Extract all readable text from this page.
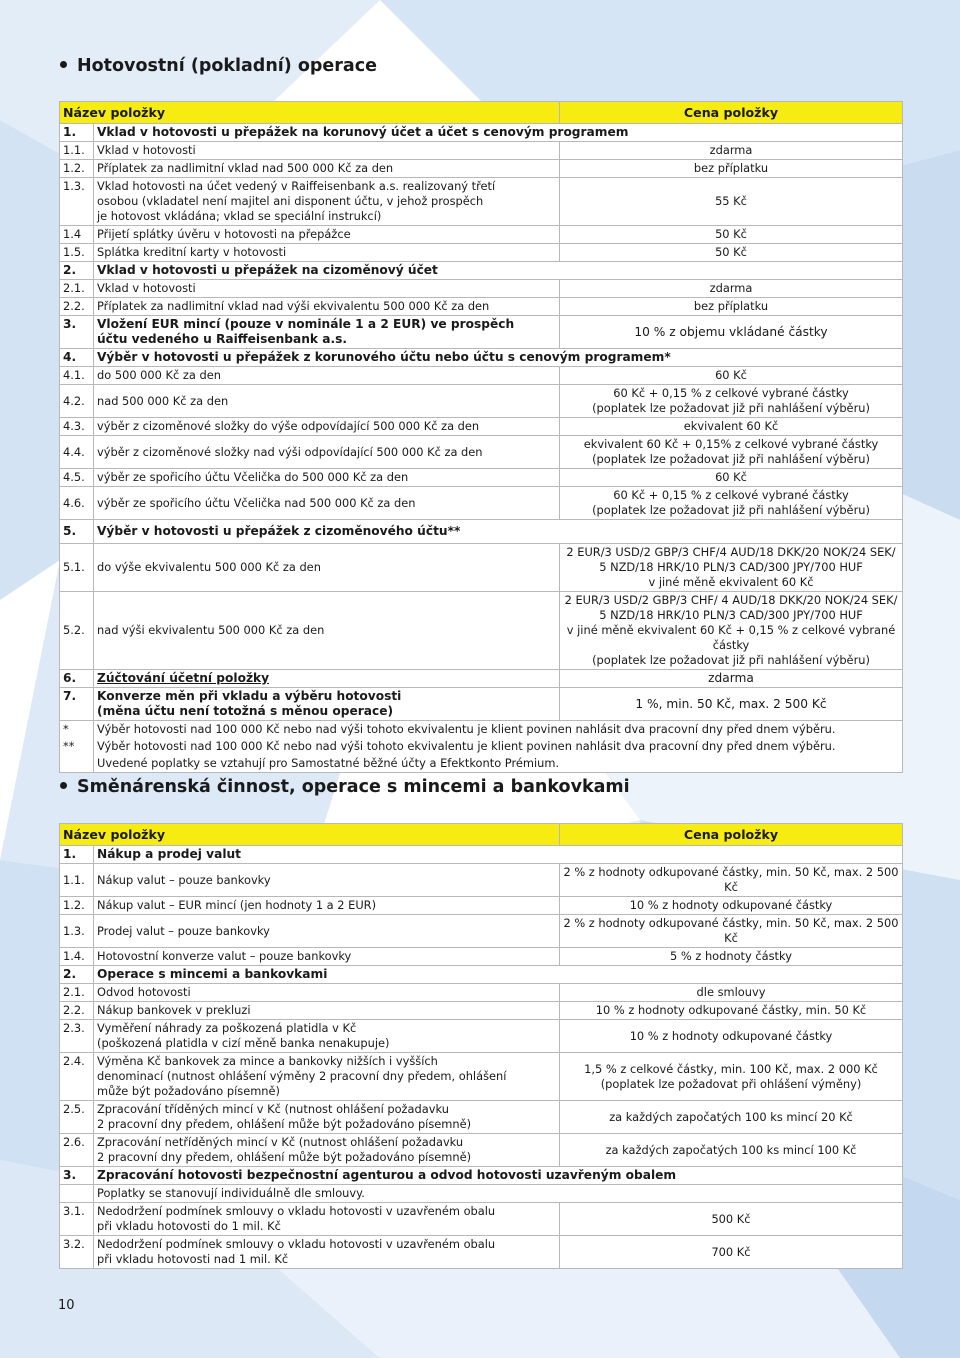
Hotovostní (pokladní) operace
Název položky		Cena položky
1.	Vklad v hotovosti u přepážek na korunový účet a účet s cenovým programem	
1.1.	Vklad v hotovosti	zdarma
1.2.	Příplatek za nadlimitní vklad nad 500 000 Kč za den	bez příplatku
1.3.	Vklad hotovosti na účet vedený v Raiffeisenbank a.s. realizovaný třetí
osobou (vkladatel není majitel ani disponent účtu, v jehož prospěch
je hotovost vkládána; vklad se speciální instrukcí)	55 Kč
1.4	Přijetí splátky úvěru v hotovosti na přepážce	50 Kč
1.5.	Splátka kreditní karty v hotovosti	50 Kč
2.	Vklad v hotovosti u přepážek na cizoměnový účet	
2.1.	Vklad v hotovosti	zdarma
2.2.	Příplatek za nadlimitní vklad nad výši ekvivalentu 500 000 Kč za den	bez příplatku
3.	Vložení EUR mincí (pouze v nominále 1 a 2 EUR) ve prospěch
účtu vedeného u Raiffeisenbank a.s.	10 % z objemu vkládané částky
4.	Výběr v hotovosti u přepážek z korunového účtu nebo účtu s cenovým programem*	
4.1.	do 500 000 Kč za den	60 Kč
4.2.	nad 500 000 Kč za den	60 Kč + 0,15 % z celkové vybrané částky
(poplatek lze požadovat již při nahlášení výběru)

4.3.	výběr z cizoměnové složky do výše odpovídající 500 000 Kč za den	ekvivalent 60 Kč
4.4.	výběr z cizoměnové složky nad výši odpovídající 500 000 Kč za den	ekvivalent 60 Kč + 0,15% z celkové vybrané částky
(poplatek lze požadovat již při nahlášení výběru)

4.5.	výběr ze spořicího účtu Včelička do 500 000 Kč za den	60 Kč
4.6.	výběr ze spořicího účtu Včelička nad 500 000 Kč za den	60 Kč + 0,15 % z celkové vybrané částky
(poplatek lze požadovat již při nahlášení výběru)

5.	Výběr v hotovosti u přepážek z cizoměnového účtu**	
5.1.	do výše ekvivalentu 500 000 Kč za den	2 EUR/3 USD/2 GBP/3 CHF/4 AUD/18 DKK/20 NOK/24 SEK/
5 NZD/18 HRK/10 PLN/3 CAD/300 JPY/700 HUF
v jiné měně ekvivalent 60 Kč

5.2.	nad výši ekvivalentu 500 000 Kč za den	2 EUR/3 USD/2 GBP/3 CHF/ 4 AUD/18 DKK/20 NOK/24 SEK/
5 NZD/18 HRK/10 PLN/3 CAD/300 JPY/700 HUF
v jiné měně ekvivalent 60 Kč + 0,15 % z celkové vybrané částky
(poplatek lze požadovat již při nahlášení výběru)

6.	Zúčtování účetní položky	zdarma
7.	Konverze měn při vkladu a výběru hotovosti
(měna účtu není totožná s měnou operace)	1 %, min. 50 Kč, max. 2 500 Kč
*	Výběr hotovosti nad 100 000 Kč nebo nad výši tohoto ekvivalentu je klient povinen nahlásit dva pracovní dny před dnem výběru.	
**	Výběr hotovosti nad 100 000 Kč nebo nad výši tohoto ekvivalentu je klient povinen nahlásit dva pracovní dny před dnem výběru.	
	Uvedené poplatky se vztahují pro Samostatné běžné účty a Efektkonto Prémium.	
Směnárenská činnost, operace s mincemi a bankovkami
Název položky		Cena položky
1.	Nákup a prodej valut	
1.1.	Nákup valut – pouze bankovky	2 % z hodnoty odkupované částky, min. 50 Kč, max. 2 500 Kč
1.2.	Nákup valut – EUR mincí (jen hodnoty 1 a 2 EUR)	10 % z hodnoty odkupované částky
1.3.	Prodej valut – pouze bankovky	2 % z hodnoty odkupované částky, min. 50 Kč, max. 2 500 Kč
1.4.	Hotovostní konverze valut – pouze bankovky	5 % z hodnoty částky
2.	Operace s mincemi a bankovkami	
2.1.	Odvod hotovosti	dle smlouvy
2.2.	Nákup bankovek v prekluzi	10 % z hodnoty odkupované částky, min. 50 Kč
2.3.	Vyměření náhrady za poškozená platidla v Kč
(poškozená platidla v cizí měně banka nenakupuje)	10 % z hodnoty odkupované částky
2.4.	Výměna Kč bankovek za mince a bankovky nižších i vyšších
denominací (nutnost ohlášení výměny 2 pracovní dny předem, ohlášení
může být požadováno písemně)	1,5 % z celkové částky, min. 100 Kč, max. 2 000 Kč
(poplatek lze požadovat při ohlášení výměny)

2.5.	Zpracování tříděných mincí v Kč (nutnost ohlášení požadavku
2 pracovní dny předem, ohlášení může být požadováno písemně)	za každých započatých 100 ks mincí 20 Kč
2.6.	Zpracování netříděných mincí v Kč (nutnost ohlášení požadavku
2 pracovní dny předem, ohlášení může být požadováno písemně)	za každých započatých 100 ks mincí 100 Kč
3.	Zpracování hotovosti bezpečnostní agenturou a odvod hotovosti uzavřeným obalem	
	Poplatky se stanovují individuálně dle smlouvy.	
3.1.	Nedodržení podmínek smlouvy o vkladu hotovosti v uzavřeném obalu
při vkladu hotovosti do 1 mil. Kč	500 Kč
3.2.	Nedodržení podmínek smlouvy o vkladu hotovosti v uzavřeném obalu
při vkladu hotovosti nad 1 mil. Kč	700 Kč
10
